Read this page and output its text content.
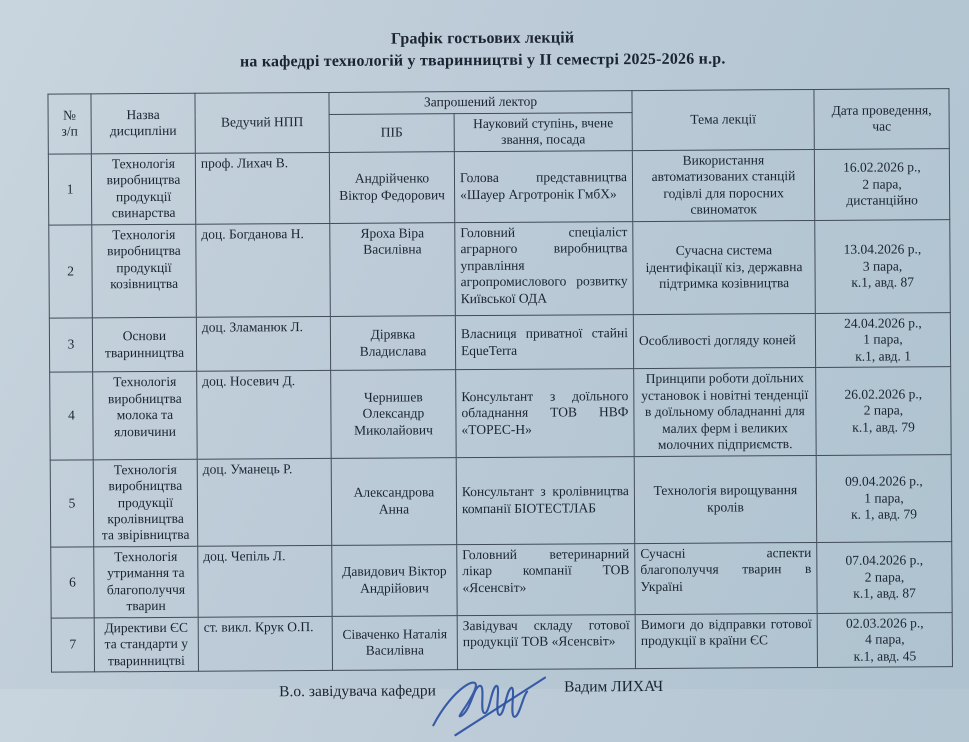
Графік гостьових лекцій
на кафедрі технологій у тваринництві у ІІ семестрі 2025-2026 н.р.
№
з/п	Назва
дисципліни	Ведучий НПП	Запрошений лектор		Тема лекції	Дата проведення,
час
			ПІБ	Науковий ступінь, вчене
звання, посада		
1	Технологія
виробництва
продукції
свинарства	проф. Лихач В.	Андрійченко
Віктор Федорович	Голова представництва «Шауер Агротронік ГмбХ»	Використання
автоматизованих станцій
годівлі для поросних
свиноматок	16.02.2026 р.,
2 пара,
дистанційно
2	Технологія
виробництва
продукції
козівництва	доц. Богданова Н.	Яроха Віра
Василівна	Головний спеціаліст аграрного виробництва управління агропромислового розвитку Київської ОДА	Сучасна система
ідентифікації кіз, державна
підтримка козівництва	13.04.2026 р.,
3 пара,
к.1, авд. 87
3	Основи
тваринництва	доц. Зламанюк Л.	Дірявка
Владислава	Власниця приватної стайні EqueTerra	Особливості догляду коней	24.04.2026 р.,
1 пара,
к.1, авд. 1
4	Технологія
виробництва
молока та
яловичини	доц. Носевич Д.	Чернишев
Олександр
Миколайович	Консультант з доїльного обладнання ТОВ НВФ «ТОРЕС-Н»	Принципи роботи доїльних
установок і новітні тенденції
в доїльному обладнанні для
малих ферм і великих
молочних підприємств.	26.02.2026 р.,
2 пара,
к.1, авд. 79
5	Технологія
виробництва
продукції
кролівництва
та звірівництва	доц. Уманець Р.	Александрова
Анна	Консультант з кролівництва компанії БІОТЕСТЛАБ	Технологія вирощування
кролів	09.04.2026 р.,
1 пара,
к. 1, авд. 79
6	Технологія
утримання та
благополуччя
тварин	доц. Чепіль Л.	Давидович Віктор
Андрійович	Головний ветеринарний лікар компанії ТОВ «Ясенсвіт»	Сучасні аспекти благополуччя тварин в Україні	07.04.2026 р.,
2 пара,
к.1, авд. 87
7	Директиви ЄС
та стандарти у
тваринництві	ст. викл. Крук О.П.	Сіваченко Наталія
Василівна	Завідувач складу готової продукції ТОВ «Ясенсвіт»	Вимоги до відправки готової продукції в країни ЄС	02.03.2026 р.,
4 пара,
к.1, авд. 45
В.о. завідувача кафедри	Вадим ЛИХАЧ
